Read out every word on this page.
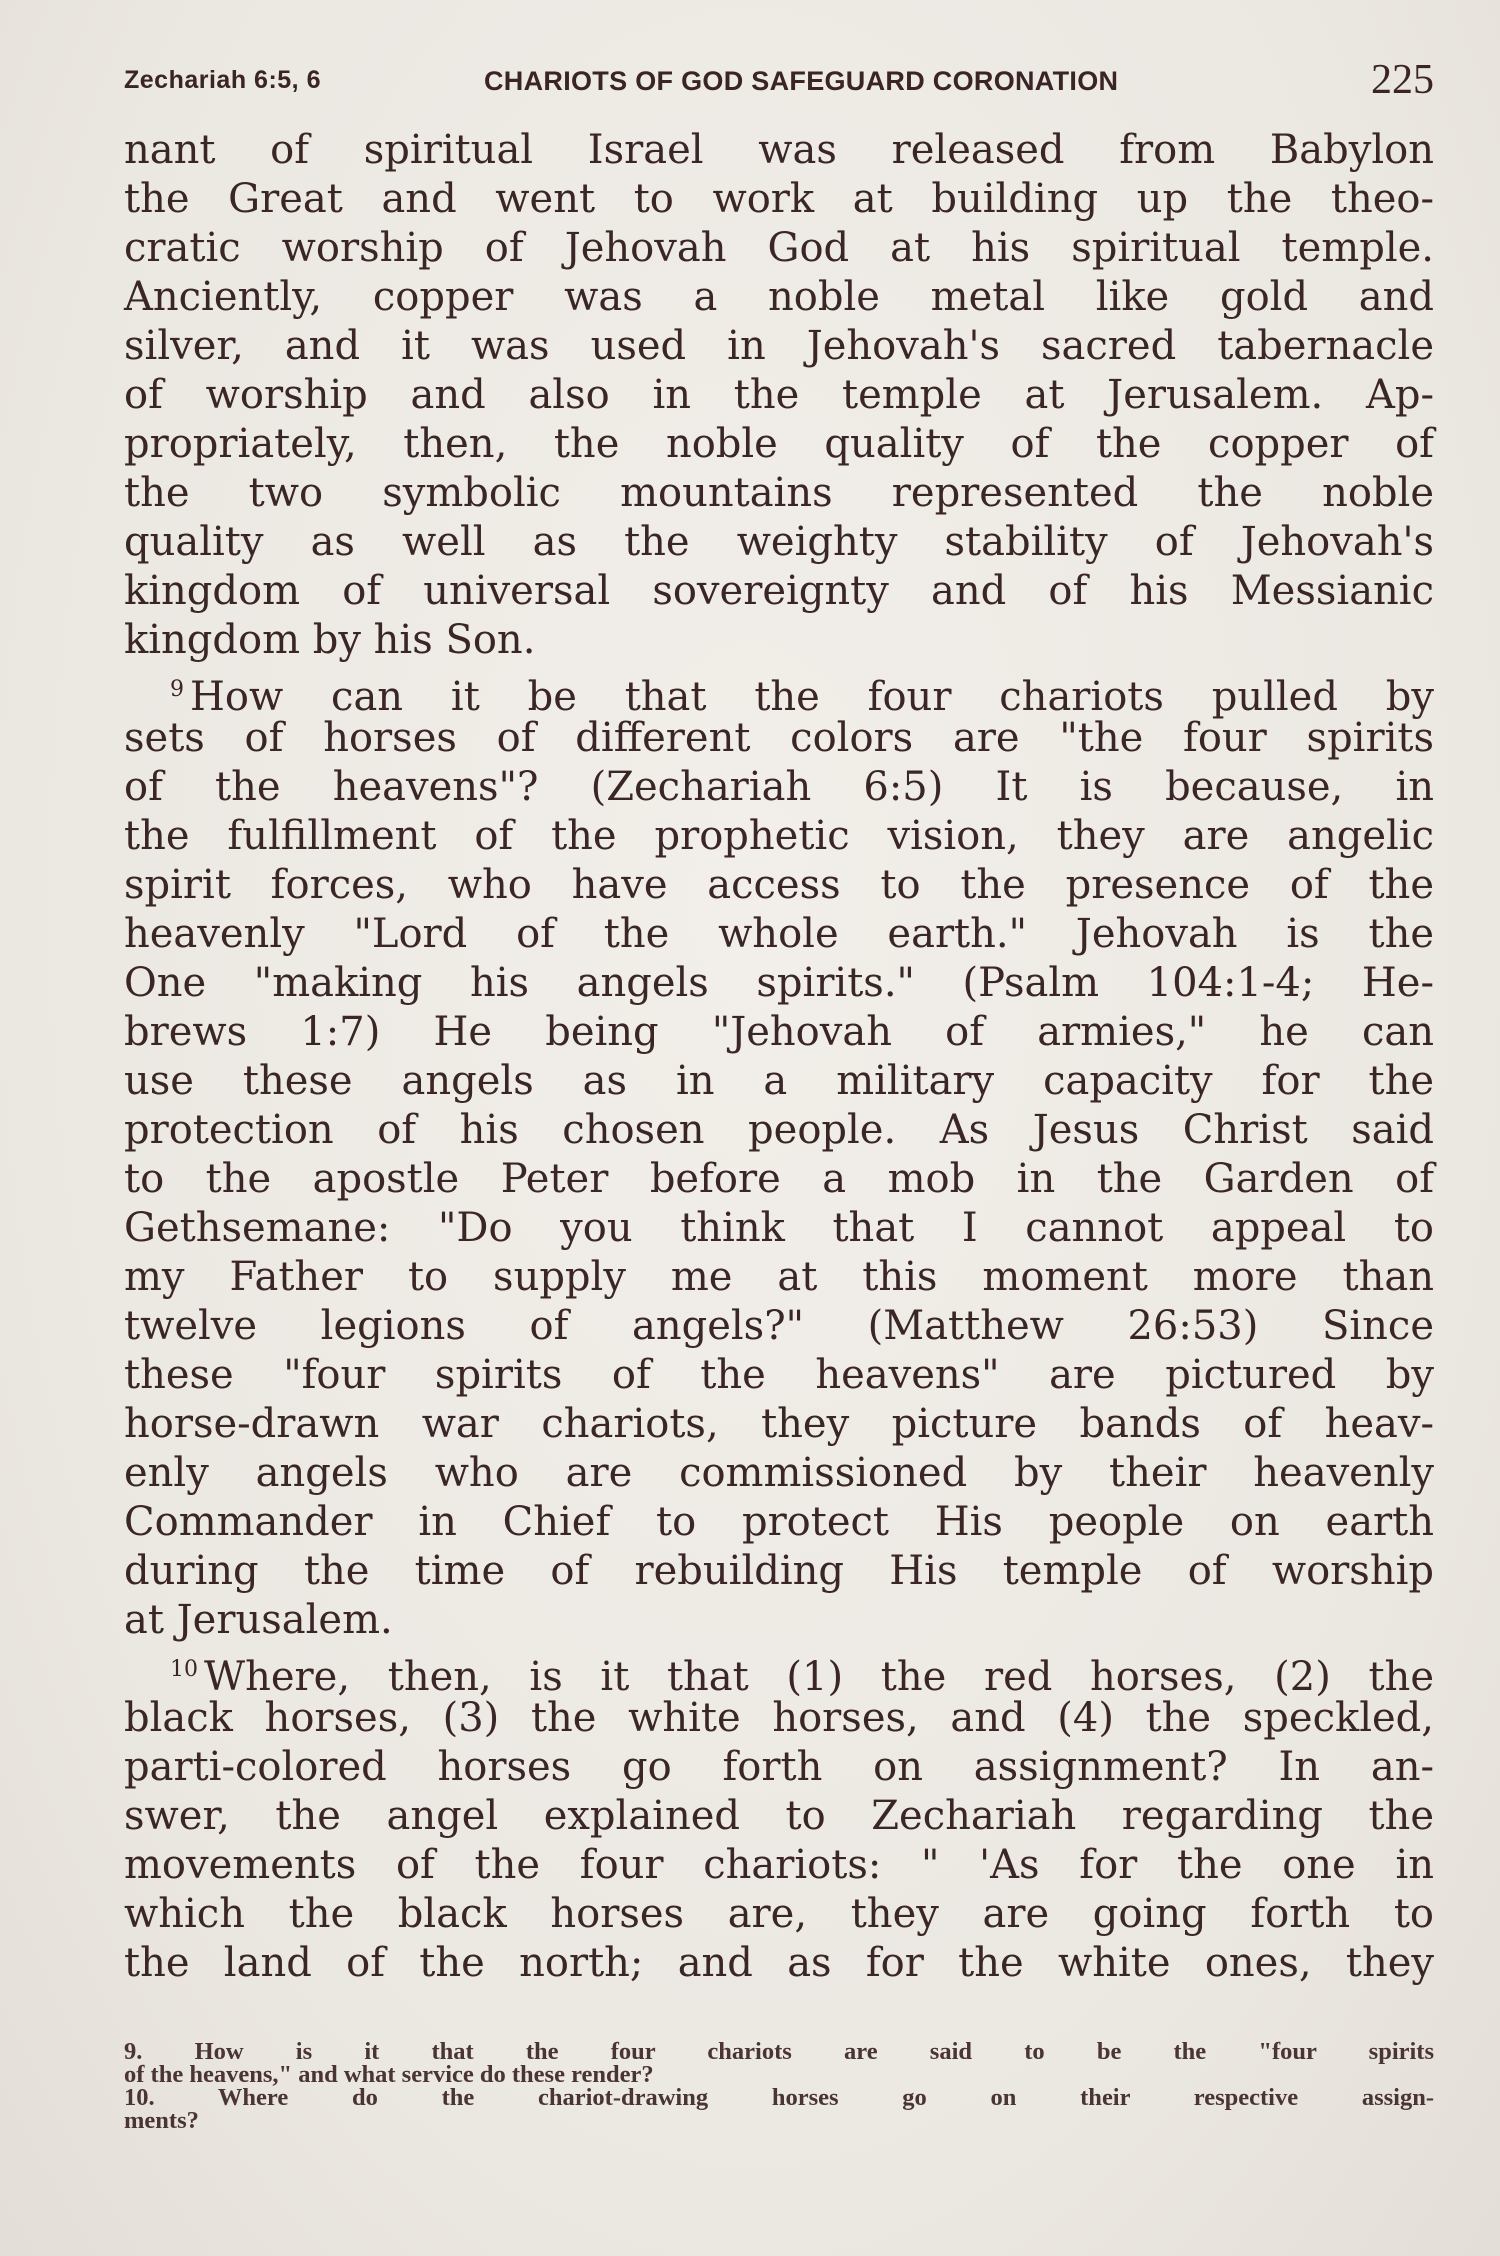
Zechariah 6:5, 6	CHARIOTS OF GOD SAFEGUARD CORONATION	225
nant of spiritual Israel was released from Babylon
the Great and went to work at building up the theo-
cratic worship of Jehovah God at his spiritual temple.
Anciently, copper was a noble metal like gold and
silver, and it was used in Jehovah's sacred tabernacle
of worship and also in the temple at Jerusalem. Ap-
propriately, then, the noble quality of the copper of
the two symbolic mountains represented the noble
quality as well as the weighty stability of Jehovah's
kingdom of universal sovereignty and of his Messianic
kingdom by his Son.
$^9$ How can it be that the four chariots pulled by
sets of horses of different colors are "the four spirits
of the heavens"? (Zechariah 6:5) It is because, in
the fulfillment of the prophetic vision, they are angelic
spirit forces, who have access to the presence of the
heavenly "Lord of the whole earth." Jehovah is the
One "making his angels spirits." (Psalm 104:1-4; He-
brews 1:7) He being "Jehovah of armies," he can
use these angels as in a military capacity for the
protection of his chosen people. As Jesus Christ said
to the apostle Peter before a mob in the Garden of
Gethsemane: "Do you think that I cannot appeal to
my Father to supply me at this moment more than
twelve legions of angels?" (Matthew 26:53) Since
these "four spirits of the heavens" are pictured by
horse-drawn war chariots, they picture bands of heav-
enly angels who are commissioned by their heavenly
Commander in Chief to protect His people on earth
during the time of rebuilding His temple of worship
at Jerusalem.
$^{10}$ Where, then, is it that (1) the red horses, (2) the
black horses, (3) the white horses, and (4) the speckled,
parti-colored horses go forth on assignment? In an-
swer, the angel explained to Zechariah regarding the
movements of the four chariots: " 'As for the one in
which the black horses are, they are going forth to
the land of the north; and as for the white ones, they
9. How is it that the four chariots are said to be the "four spirits
of the heavens," and what service do these render?
10. Where do the chariot-drawing horses go on their respective assign-
ments?
